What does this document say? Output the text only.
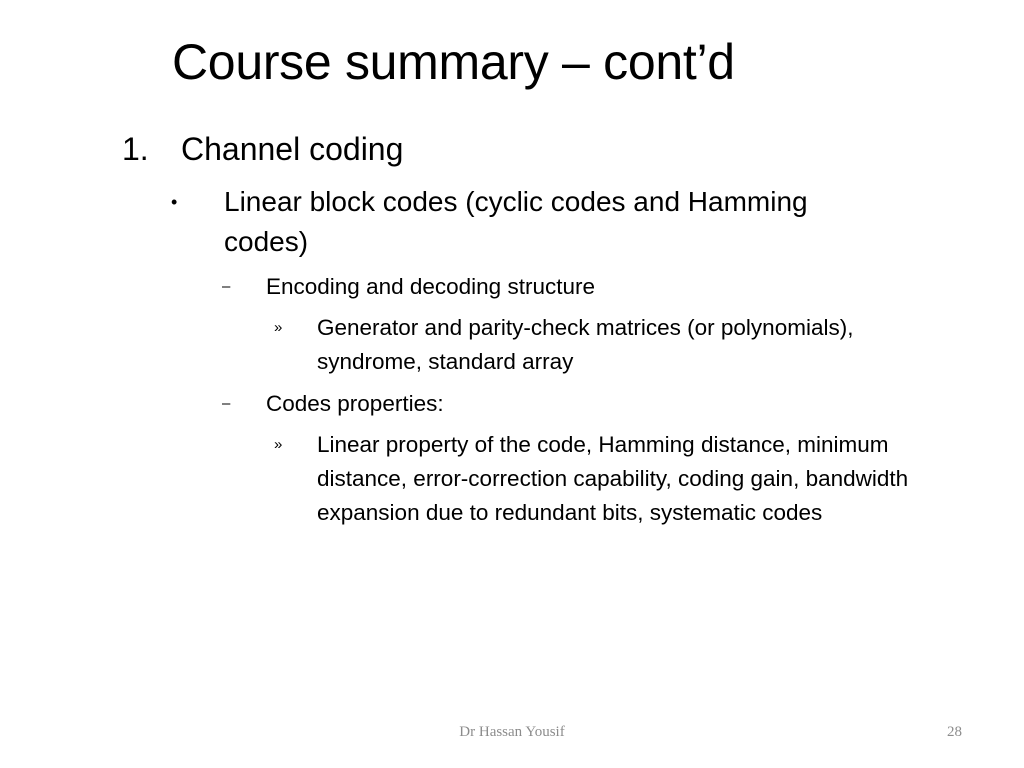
Course summary – cont’d
1. Channel coding
• Linear block codes (cyclic codes and Hamming codes)
– Encoding and decoding structure
» Generator and parity-check matrices (or polynomials), syndrome, standard array
– Codes properties:
» Linear property of the code, Hamming distance, minimum distance, error-correction capability, coding gain, bandwidth expansion due to redundant bits, systematic codes
Dr Hassan Yousif	28
